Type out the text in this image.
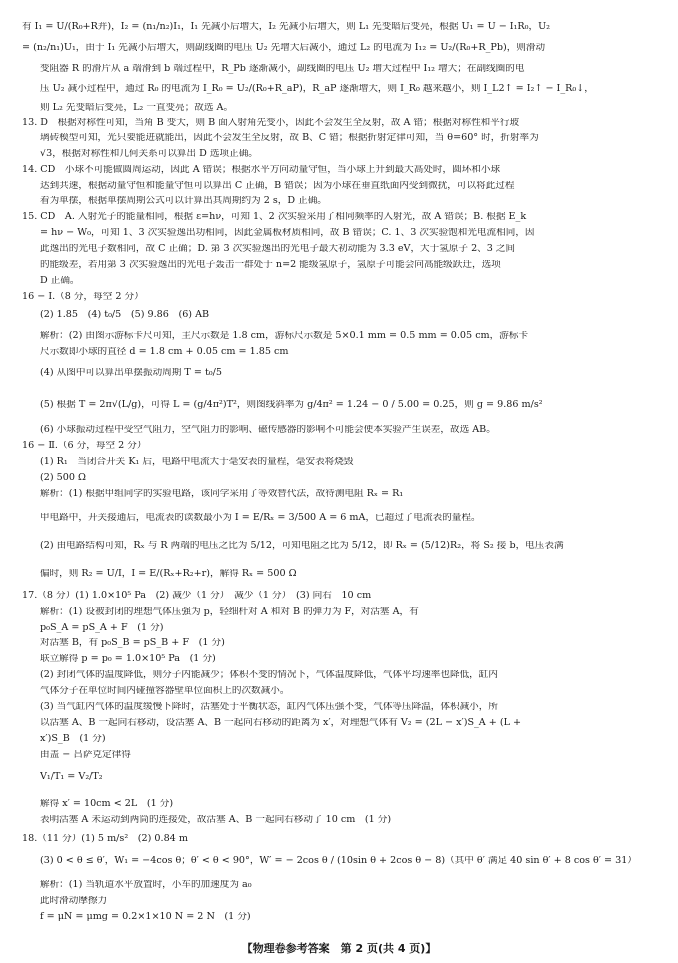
有 I₁ = U/(R₀+R并)，I₂ = (n₁/n₂)I₁，I₁ 先减小后增大，I₂ 先减小后增大，则 L₁ 先变暗后变亮，根据 U₁ = U − I₁R₀，U₂
= (n₂/n₁)U₁，由于 I₁ 先减小后增大，则副线圈的电压 U₂ 先增大后减小，通过 L₂ 的电流为 I₁₂ = U₂/(R₀+R_Pb)，则滑动
变阻器 R 的滑片从 a 端滑到 b 端过程中，R_Pb 逐渐减小，副线圈的电压 U₂ 增大过程中 I₁₂ 增大；在副线圈的电
压 U₂ 减小过程中，通过 R₀ 的电流为 I_R₀ = U₂/(R₀+R_aP)，R_aP 逐渐增大，则 I_R₀ 越来越小，则 I_L2↑ = I₂↑ − I_R₀↓，
则 L₂ 先变暗后变亮，L₂ 一直变亮；故选 A。
13. D　根据对称性可知，当角 B 变大，则 B 面入射角先变小，因此不会发生全反射，故 A 错；根据对称性和平行玻
璃砖模型可知，光只要能进就能出，因此不会发生全反射，故 B、C 错；根据折射定律可知，当 θ=60° 时，折射率为
√3，根据对称性和几何关系可以算出 D 选项正确。
14. CD　小球不可能做圆周运动，因此 A 错误；根据水平方向动量守恒，当小球上升到最大高处时，圆环和小球
达到共速，根据动量守恒和能量守恒可以算出 C 正确，B 错误；因为小球在垂直纸面内受到微扰，可以将此过程
看为单摆，根据单摆周期公式可以计算出其周期约为 2 s，D 正确。
15. CD　A. 入射光子的能量相同，根据 ε=hν，可知 1、2 次实验采用了相同频率的入射光，故 A 错误；B. 根据 E_k
= hν − W₀，可知 1、3 次实验逸出功相同，因此金属板材质相同，故 B 错误；C. 1、3 次实验饱和光电流相同，因
此逸出的光电子数相同，故 C 正确；D. 第 3 次实验逸出的光电子最大初动能为 3.3 eV，大于氢原子 2、3 之间
的能级差，若用第 3 次实验逸出的光电子轰击一群处于 n=2 能级氢原子，氢原子可能会向高能级跃迁，选项
D 正确。
16 − Ⅰ.（8 分，每空 2 分）
(2) 1.85　(4) t₀/5　(5) 9.86　(6) AB
解析：(2) 由图示游标卡尺可知，主尺示数是 1.8 cm，游标尺示数是 5×0.1 mm = 0.5 mm = 0.05 cm，游标卡
尺示数即小球的直径 d = 1.8 cm + 0.05 cm = 1.85 cm
(4) 从图中可以算出单摆振动周期 T = t₀/5
(5) 根据 T = 2π√(L/g)，可得 L = (g/4π²)T²，则图线斜率为 g/4π² = 1.24 − 0 / 5.00 = 0.25，则 g = 9.86 m/s²
(6) 小球振动过程中受空气阻力，空气阻力的影响、磁传感器的影响不可能会使本实验产生误差，故选 AB。
16 − Ⅱ.（6 分，每空 2 分）
(1) R₁　当闭合开关 K₁ 后，电路中电流大于毫安表的量程，毫安表将烧毁
(2) 500 Ω
解析：(1) 根据甲组同学的实验电路，该同学采用了等效替代法，故待测电阻 Rₓ = R₁
甲电路中，开关接通后，电流表的读数最小为 I = E/Rₓ = 3/500 A = 6 mA，已超过了电流表的量程。
(2) 由电路结构可知，Rₓ 与 R 两端的电压之比为 5/12，可知电阻之比为 5/12，即 Rₓ = (5/12)R₂，将 S₂ 接 b，电压表满
偏时，则 R₂ = U/I，I = E/(Rₓ+R₂+r)，解得 Rₓ = 500 Ω
17.（8 分）(1) 1.0×10⁵ Pa　(2) 减少（1 分）　减少（1 分）　(3) 向右　10 cm
解析：(1) 设被封闭的理想气体压强为 p，轻细杆对 A 和对 B 的弹力为 F，对活塞 A，有
p₀S_A = pS_A + F　(1 分)
对活塞 B，有 p₀S_B = pS_B + F　(1 分)
联立解得 p = p₀ = 1.0×10⁵ Pa　(1 分)
(2) 封闭气体的温度降低，则分子内能减少；体积不变的情况下，气体温度降低，气体平均速率也降低，缸内
气体分子在单位时间内碰撞容器壁单位面积上的次数减小。
(3) 当气缸内气体的温度缓慢下降时，活塞处于平衡状态，缸内气体压强不变，气体等压降温，体积减小，所
以活塞 A、B 一起向右移动，设活塞 A、B 一起向右移动的距离为 x′，对理想气体有 V₂ = (2L − x′)S_A + (L +
x′)S_B　(1 分)
由盖 − 吕萨克定律得
V₁/T₁ = V₂/T₂
解得 x′ = 10cm < 2L　(1 分)
表明活塞 A 未运动到两筒的连接处，故活塞 A、B 一起向右移动了 10 cm　(1 分)
18.（11 分）(1) 5 m/s²　(2) 0.84 m
(3) 0 < θ ≤ θ′，W₁ = −4cos θ；θ′ < θ < 90°，W′ = − 2cos θ / (10sin θ + 2cos θ − 8)（其中 θ′ 满足 40 sin θ′ + 8 cos θ′ = 31）
解析：(1) 当轨道水平放置时，小车的加速度为 a₀
此时滑动摩擦力
f = μN = μmg = 0.2×1×10 N = 2 N　(1 分)
【物理卷参考答案　第 2 页(共 4 页)】
